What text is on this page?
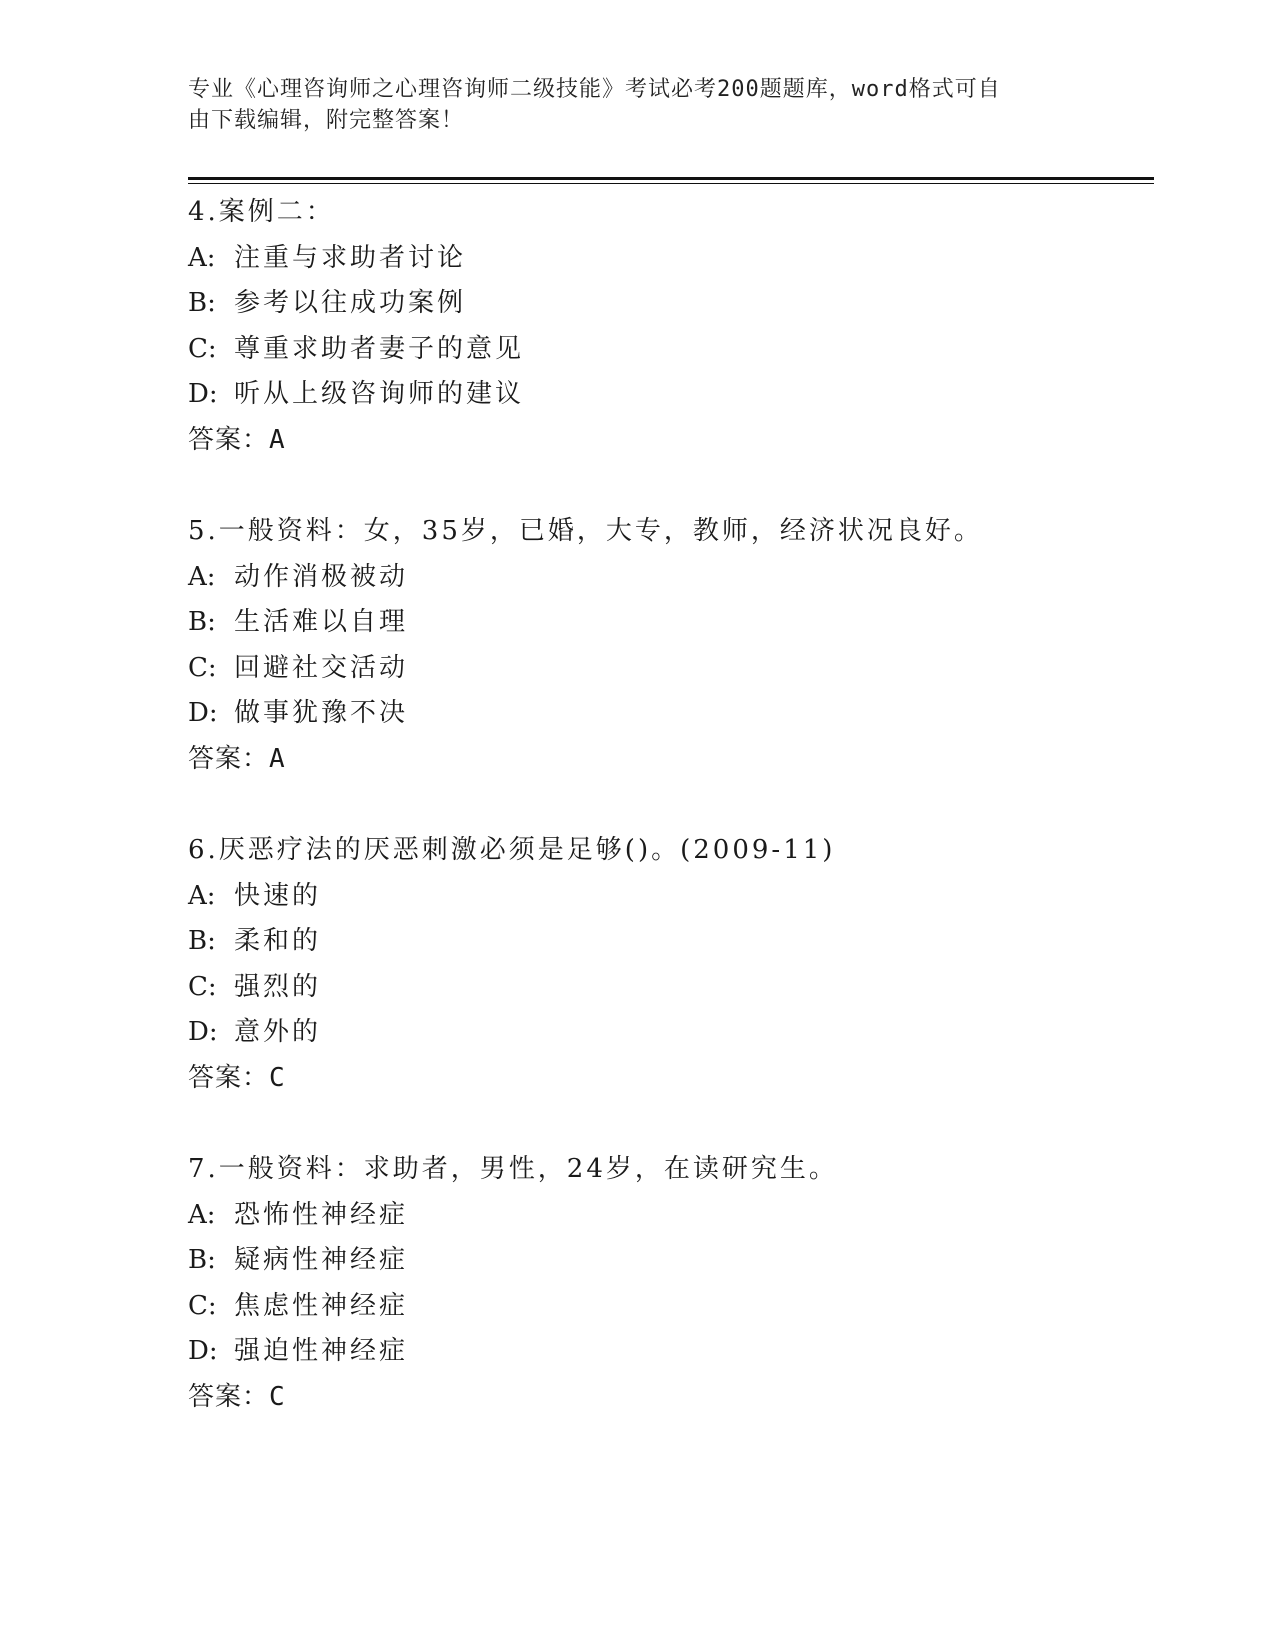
专业《心理咨询师之心理咨询师二级技能》考试必考200题题库，word格式可自
由下载编辑，附完整答案！
4.案例二：
A: 注重与求助者讨论
B: 参考以往成功案例
C: 尊重求助者妻子的意见
D: 听从上级咨询师的建议
答案：A
5.一般资料：女，35岁，已婚，大专，教师，经济状况良好。
A: 动作消极被动
B: 生活难以自理
C: 回避社交活动
D: 做事犹豫不决
答案：A
6.厌恶疗法的厌恶刺激必须是足够()。(2009-11)
A: 快速的
B: 柔和的
C: 强烈的
D: 意外的
答案：C
7.一般资料：求助者，男性，24岁，在读研究生。
A: 恐怖性神经症
B: 疑病性神经症
C: 焦虑性神经症
D: 强迫性神经症
答案：C
